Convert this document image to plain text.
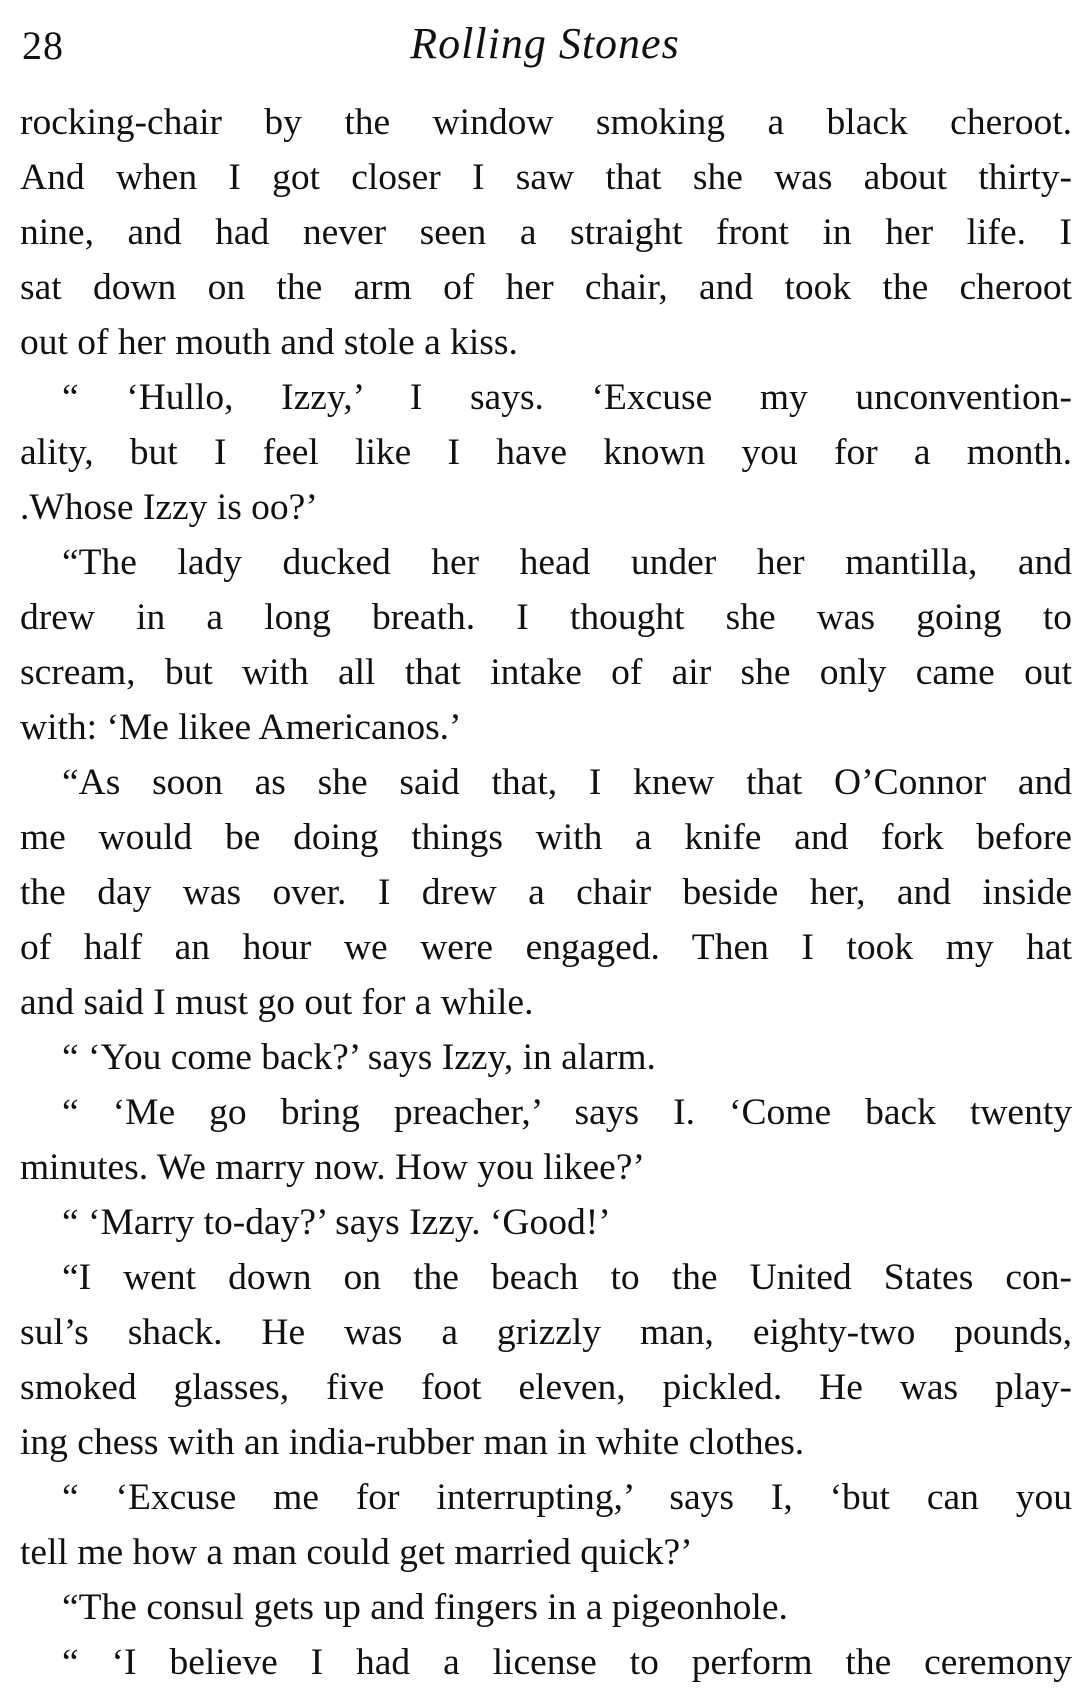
28	Rolling Stones
rocking-chair by the window smoking a black cheroot.
And when I got closer I saw that she was about thirty-
nine, and had never seen a straight front in her life. I
sat down on the arm of her chair, and took the cheroot
out of her mouth and stole a kiss.
“ ‘Hullo, Izzy,’ I says. ‘Excuse my unconvention-
ality, but I feel like I have known you for a month.
.Whose Izzy is oo?’
“The lady ducked her head under her mantilla, and
drew in a long breath. I thought she was going to
scream, but with all that intake of air she only came out
with: ‘Me likee Americanos.’
“As soon as she said that, I knew that O’Connor and
me would be doing things with a knife and fork before
the day was over. I drew a chair beside her, and inside
of half an hour we were engaged. Then I took my hat
and said I must go out for a while.
“ ‘You come back?’ says Izzy, in alarm.
“ ‘Me go bring preacher,’ says I. ‘Come back twenty
minutes. We marry now. How you likee?’
“ ‘Marry to-day?’ says Izzy. ‘Good!’
“I went down on the beach to the United States con-
sul’s shack. He was a grizzly man, eighty-two pounds,
smoked glasses, five foot eleven, pickled. He was play-
ing chess with an india-rubber man in white clothes.
“ ‘Excuse me for interrupting,’ says I, ‘but can you
tell me how a man could get married quick?’
“The consul gets up and fingers in a pigeonhole.
“ ‘I believe I had a license to perform the ceremony
